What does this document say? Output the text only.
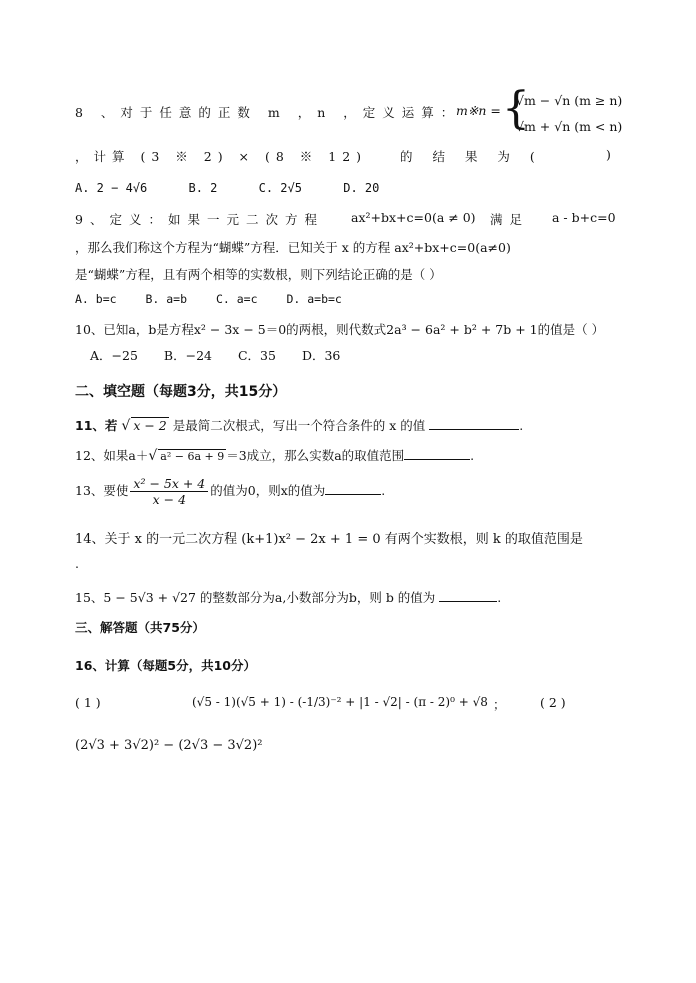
8 、对于任意的正数 m ，n ，定义运算：
m※n = {
√m − √n (m ≥ n)
√m + √n (m < n)
，计算 (3 ※ 2) × (8 ※ 12)	的 结 果 为 (	)
A. 2 − 4√6	B. 2	C. 2√5	D. 20
9、定义：如果一元二次方程 ax²+bx+c=0(a ≠ 0) 满足 a - b+c=0
，那么我们称这个方程为“蝴蝶”方程．已知关于 x 的方程 ax²+bx+c=0(a≠0)
是“蝴蝶”方程，且有两个相等的实数根，则下列结论正确的是（ ）
A. b=c	B. a=b	C. a=c	D. a=b=c
10、已知a，b是方程x² − 3x − 5＝0的两根，则代数式2a³ − 6a² + b² + 7b + 1的值是（ ）
A．−25 B．−24 C．35 D．36
二、填空题（每题3分，共15分）
11、若 √ x − 2 是最简二次根式，写出一个符合条件的 x 的值	.
12、如果a＋√ a² − 6a + 9 ＝3成立，那么实数a的取值范围	.
13、要使 $\frac{\text{x² − 5x + 4}}{x - 4}$ 的值为0，则x的值为	.
14、关于 x 的一元二次方程 (k+1)x² − 2x + 1 = 0 有两个实数根，则 k 的取值范围是
.
15、5 − 5√3 + √27 的整数部分为a,小数部分为b，则 b 的值为	.
三、解答题（共75分）
16、计算（每题5分，共10分）
( 1 )	(√5 - 1)(√5 + 1) - (-1/3)⁻² + |1 - √2| - (π - 2)⁰ + √8 ；	( 2 )
(2√3 + 3√2)² − (2√3 − 3√2)²
